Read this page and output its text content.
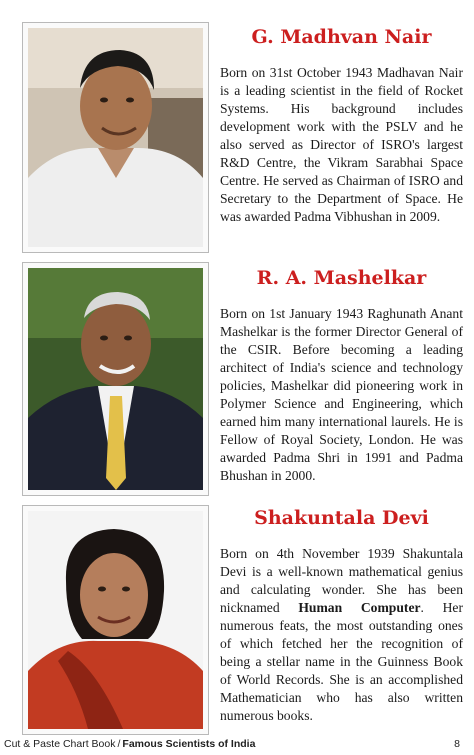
G. Madhvan Nair

Born on 31st October 1943 Madhavan Nair is a leading scientist in the field of Rocket Systems. His background includes development work with the PSLV and he also served as Director of ISRO's largest R&D Centre, the Vikram Sarabhai Space Centre. He served as Chairman of ISRO and Secretary to the Department of Space. He was awarded Padma Vibhushan in 2009.

R. A. Mashelkar

Born on 1st January 1943 Raghunath Anant Mashelkar is the former Director General of the CSIR. Before becoming a leading architect of India's science and technology policies, Mashelkar did pioneering work in Polymer Science and Engineering, which earned him many international laurels. He is Fellow of Royal Society, London. He was awarded Padma Shri in 1991 and Padma Bhushan in 2000.

Shakuntala Devi

Born on 4th November 1939 Shakuntala Devi is a well-known mathematical genius and calculating wonder. She has been nicknamed Human Computer. Her numerous feats, the most outstanding ones of which fetched her the recognition of being a stellar name in the Guinness Book of World Records. She is an accomplished Mathematician who has also written numerous books.

Cut & Paste Chart Book / Famous Scientists of India	8
